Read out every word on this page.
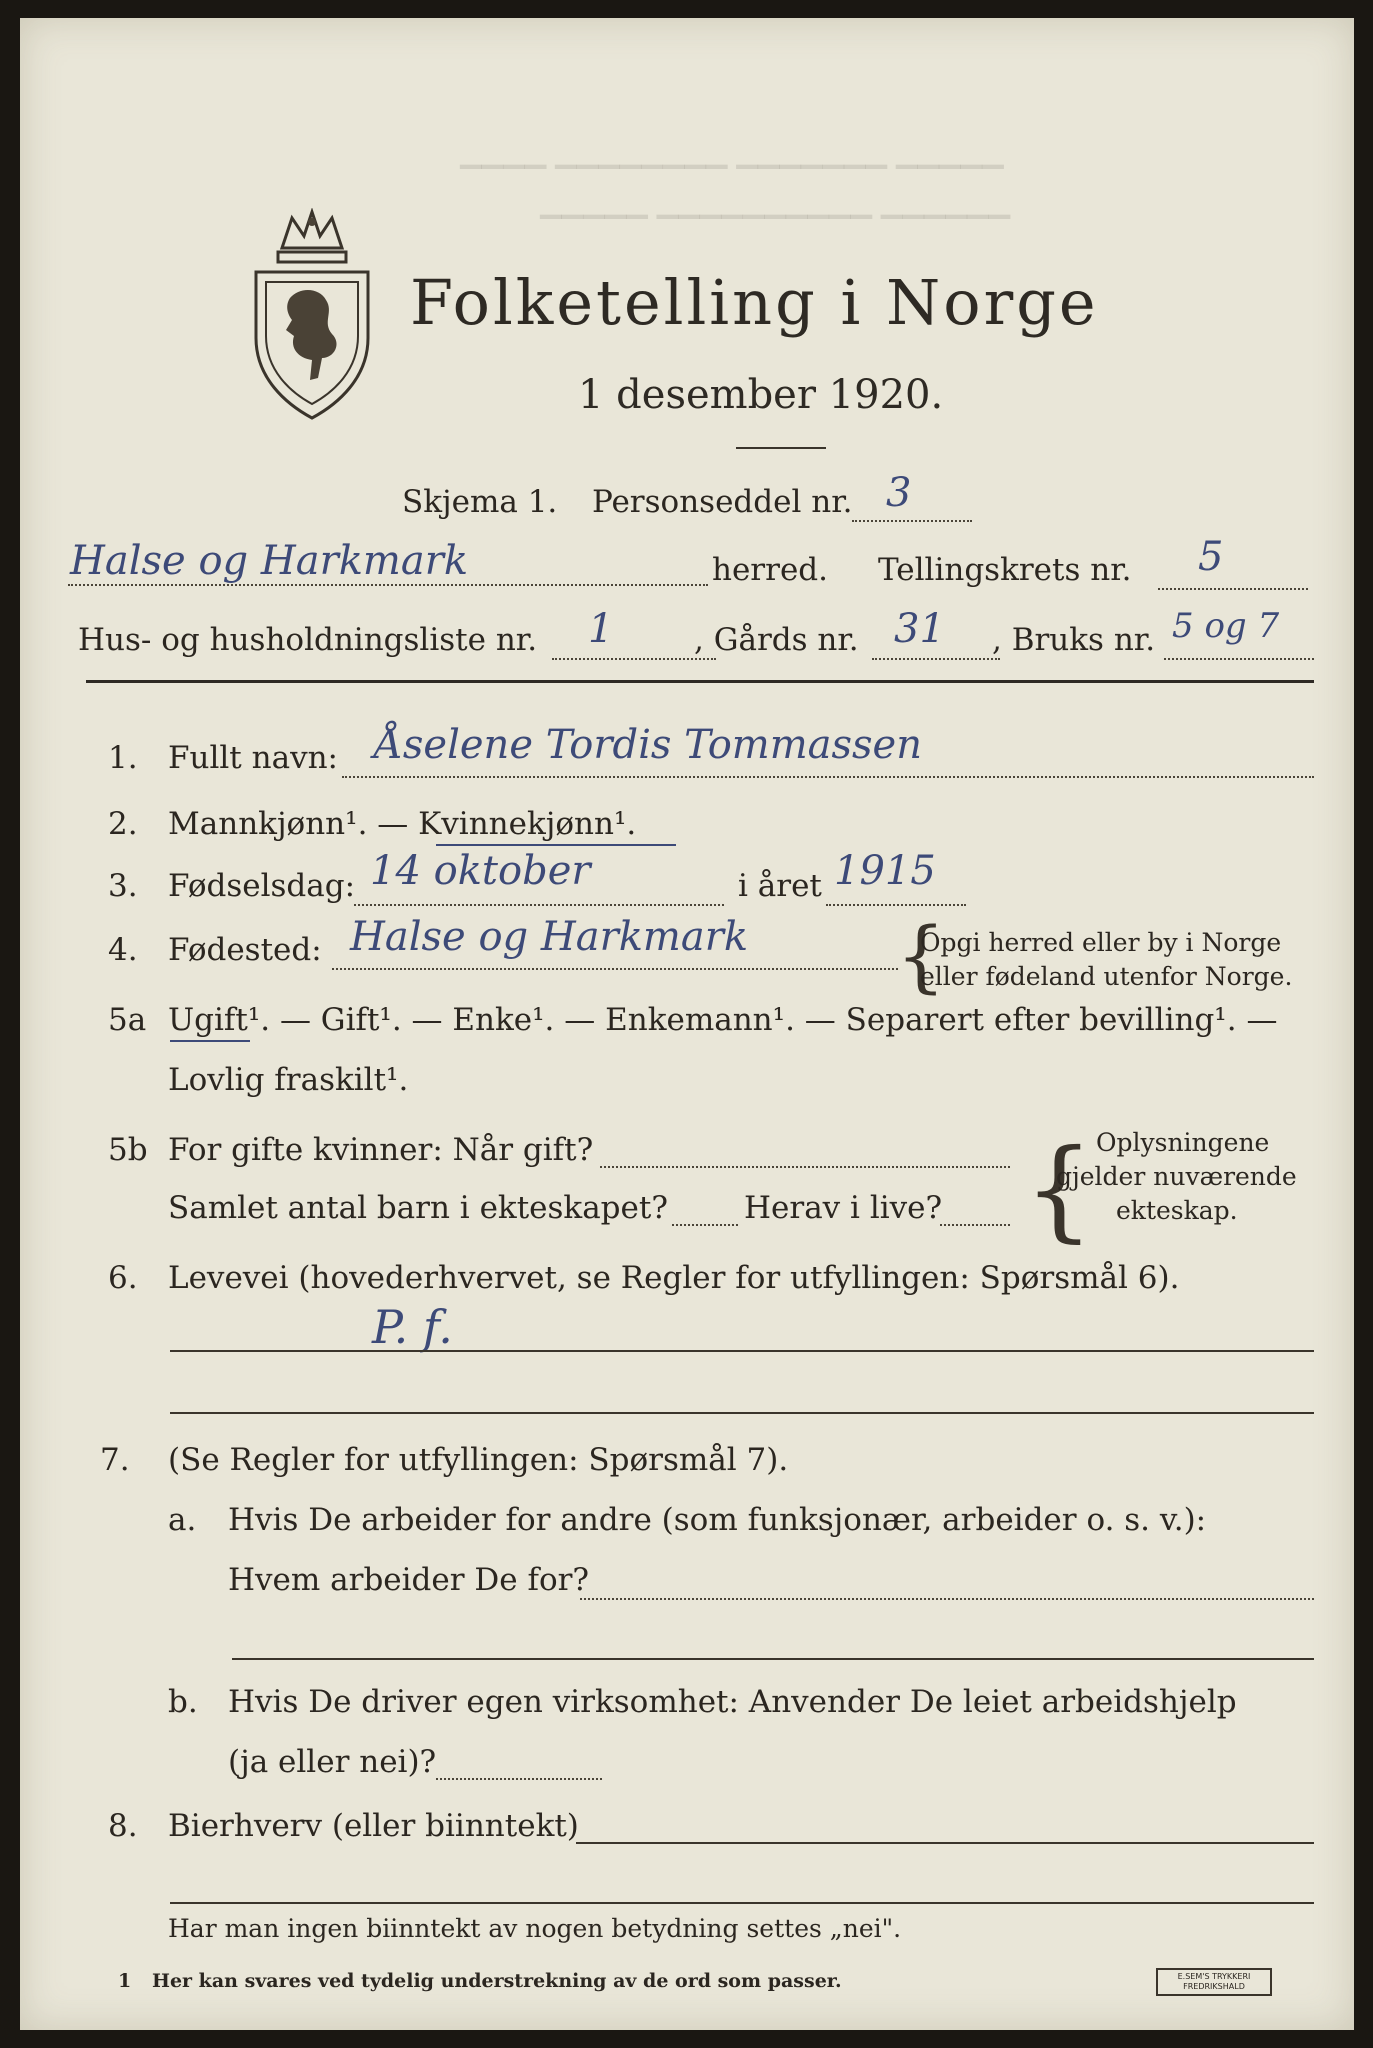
▁▁▁▁ ▁▁▁▁▁▁▁▁ ▁▁▁▁▁▁▁ ▁▁▁▁▁
▁▁▁▁▁ ▁▁▁▁▁▁▁▁▁▁ ▁▁▁▁▁▁
Folketelling i Norge
1 desember 1920.
Skjema 1. Personseddel nr. 3
Halse og Harkmark	herred. Tellingskrets nr. 5
Hus- og husholdningsliste nr. 1	, Gårds nr. 31 , Bruks nr. 5 og 7
1. Fullt navn: Åselene Tordis Tommassen
2. Mannkjønn¹. — Kvinnekjønn¹.
3. Fødselsdag: 14 oktober	i året 1915
4. Fødested: Halse og Harkmark {
Opgi herred eller by i Norge
eller fødeland utenfor Norge.
5a Ugift¹. — Gift¹. — Enke¹. — Enkemann¹. — Separert efter bevilling¹. —
Lovlig fraskilt¹.
5b For gifte kvinner: Når gift?
Samlet antal barn i ekteskapet? Herav i live? { Oplysningene
gjelder nuværende
ekteskap.
6. Levevei (hovederhvervet, se Regler for utfyllingen: Spørsmål 6).
P. f.
7. (Se Regler for utfyllingen: Spørsmål 7).
a. Hvis De arbeider for andre (som funksjonær, arbeider o. s. v.):
Hvem arbeider De for?
b. Hvis De driver egen virksomhet: Anvender De leiet arbeidshjelp
(ja eller nei)?
8. Bierhverv (eller biinntekt)
Har man ingen biinntekt av nogen betydning settes „nei".
1 Her kan svares ved tydelig understrekning av de ord som passer.	E.SEM'S TRYKKERI
FREDRIKSHALD
